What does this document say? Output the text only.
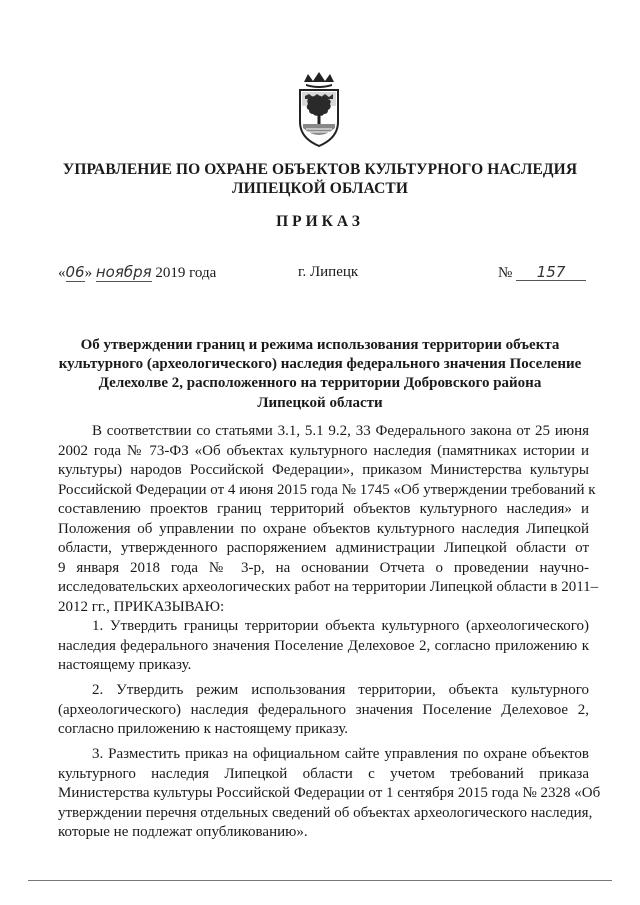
УПРАВЛЕНИЕ ПО ОХРАНЕ ОБЪЕКТОВ КУЛЬТУРНОГО НАСЛЕДИЯ
ЛИПЕЦКОЙ ОБЛАСТИ
ПРИКАЗ
«06» ноября 2019 года	г. Липецк	№ 157
Об утверждении границ и режима использования территории объекта
культурного (археологического) наследия федерального значения Поселение
Делехолве 2, расположенного на территории Добровского района
Липецкой области
В соответствии со статьями 3.1, 5.1 9.2, 33 Федерального закона от 25 июня
2002 года № 73-ФЗ «Об объектах культурного наследия (памятниках истории и
культуры) народов Российской Федерации», приказом Министерства культуры
Российской Федерации от 4 июня 2015 года № 1745 «Об утверждении требований к
составлению проектов границ территорий объектов культурного наследия» и
Положения об управлении по охране объектов культурного наследия Липецкой
области, утвержденного распоряжением администрации Липецкой области от
9 января 2018 года № 3-р, на основании Отчета о проведении научно-
исследовательских археологических работ на территории Липецкой области в 2011–
2012 гг., ПРИКАЗЫВАЮ:
1. Утвердить границы территории объекта культурного (археологического)
наследия федерального значения Поселение Делеховое 2, согласно приложению к
настоящему приказу.
2. Утвердить режим использования территории, объекта культурного
(археологического) наследия федерального значения Поселение Делеховое 2,
согласно приложению к настоящему приказу.
3. Разместить приказ на официальном сайте управления по охране объектов
культурного наследия Липецкой области с учетом требований приказа
Министерства культуры Российской Федерации от 1 сентября 2015 года № 2328 «Об
утверждении перечня отдельных сведений об объектах археологического наследия,
которые не подлежат опубликованию».
